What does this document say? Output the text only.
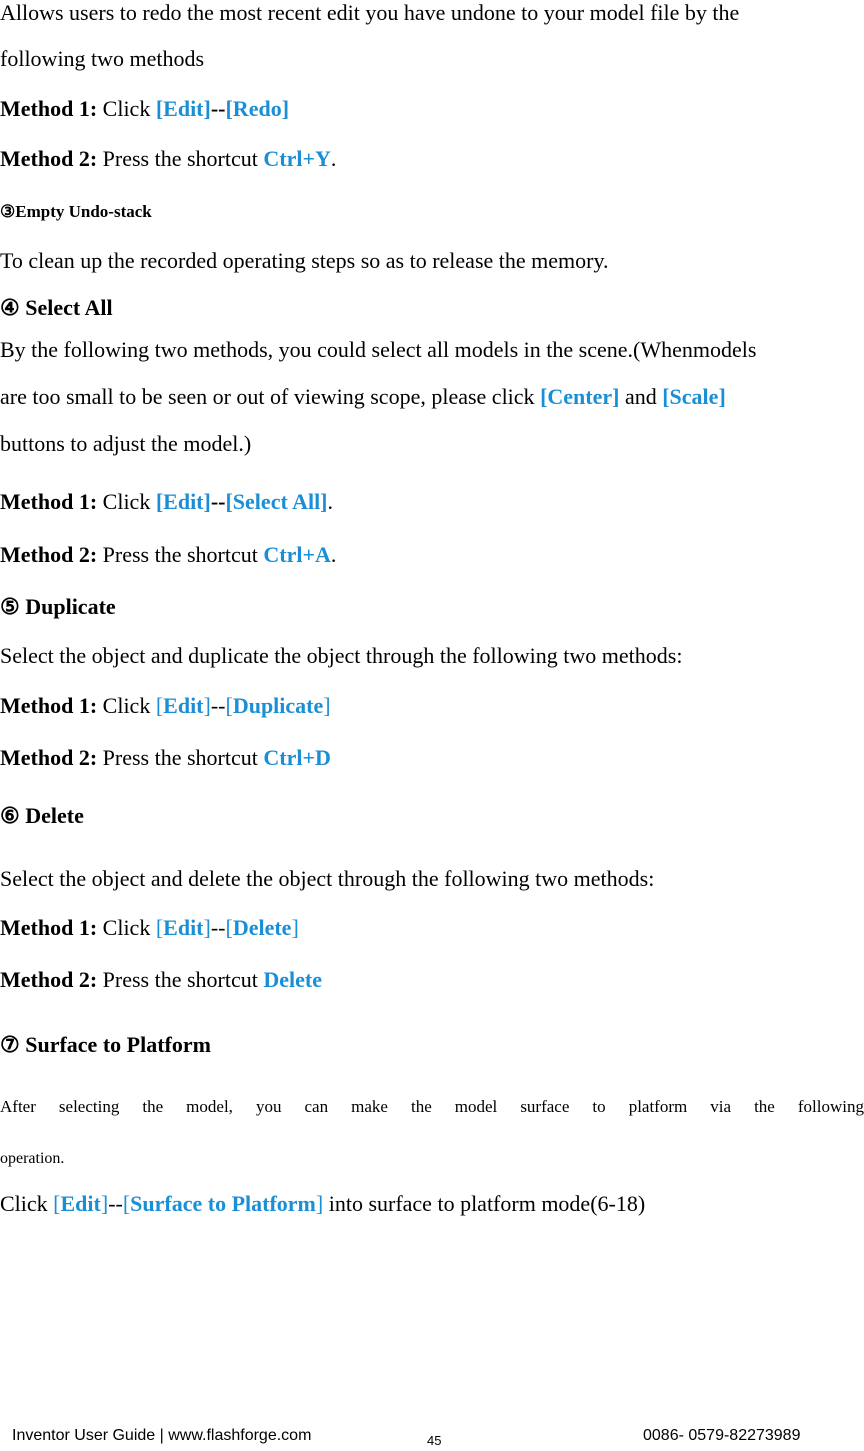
Allows users to redo the most recent edit you have undone to your model file by the
following two methods
Method 1: Click [Edit]--[Redo]
Method 2: Press the shortcut Ctrl+Y.
③Empty Undo-stack
To clean up the recorded operating steps so as to release the memory.
④ Select All
By the following two methods, you could select all models in the scene.(Whenmodels
are too small to be seen or out of viewing scope, please click [Center] and [Scale]
buttons to adjust the model.)
Method 1: Click [Edit]--[Select All].
Method 2: Press the shortcut Ctrl+A.
⑤ Duplicate
Select the object and duplicate the object through the following two methods:
Method 1: Click [Edit]--[Duplicate]
Method 2: Press the shortcut Ctrl+D
⑥ Delete
Select the object and delete the object through the following two methods:
Method 1: Click [Edit]--[Delete]
Method 2: Press the shortcut Delete
⑦ Surface to Platform
After selecting the model, you can make the model surface to platform via the following
operation.
Click [Edit]--[Surface to Platform] into surface to platform mode(6-18)
Inventor User Guide | www.flashforge.com	45	0086- 0579-82273989
